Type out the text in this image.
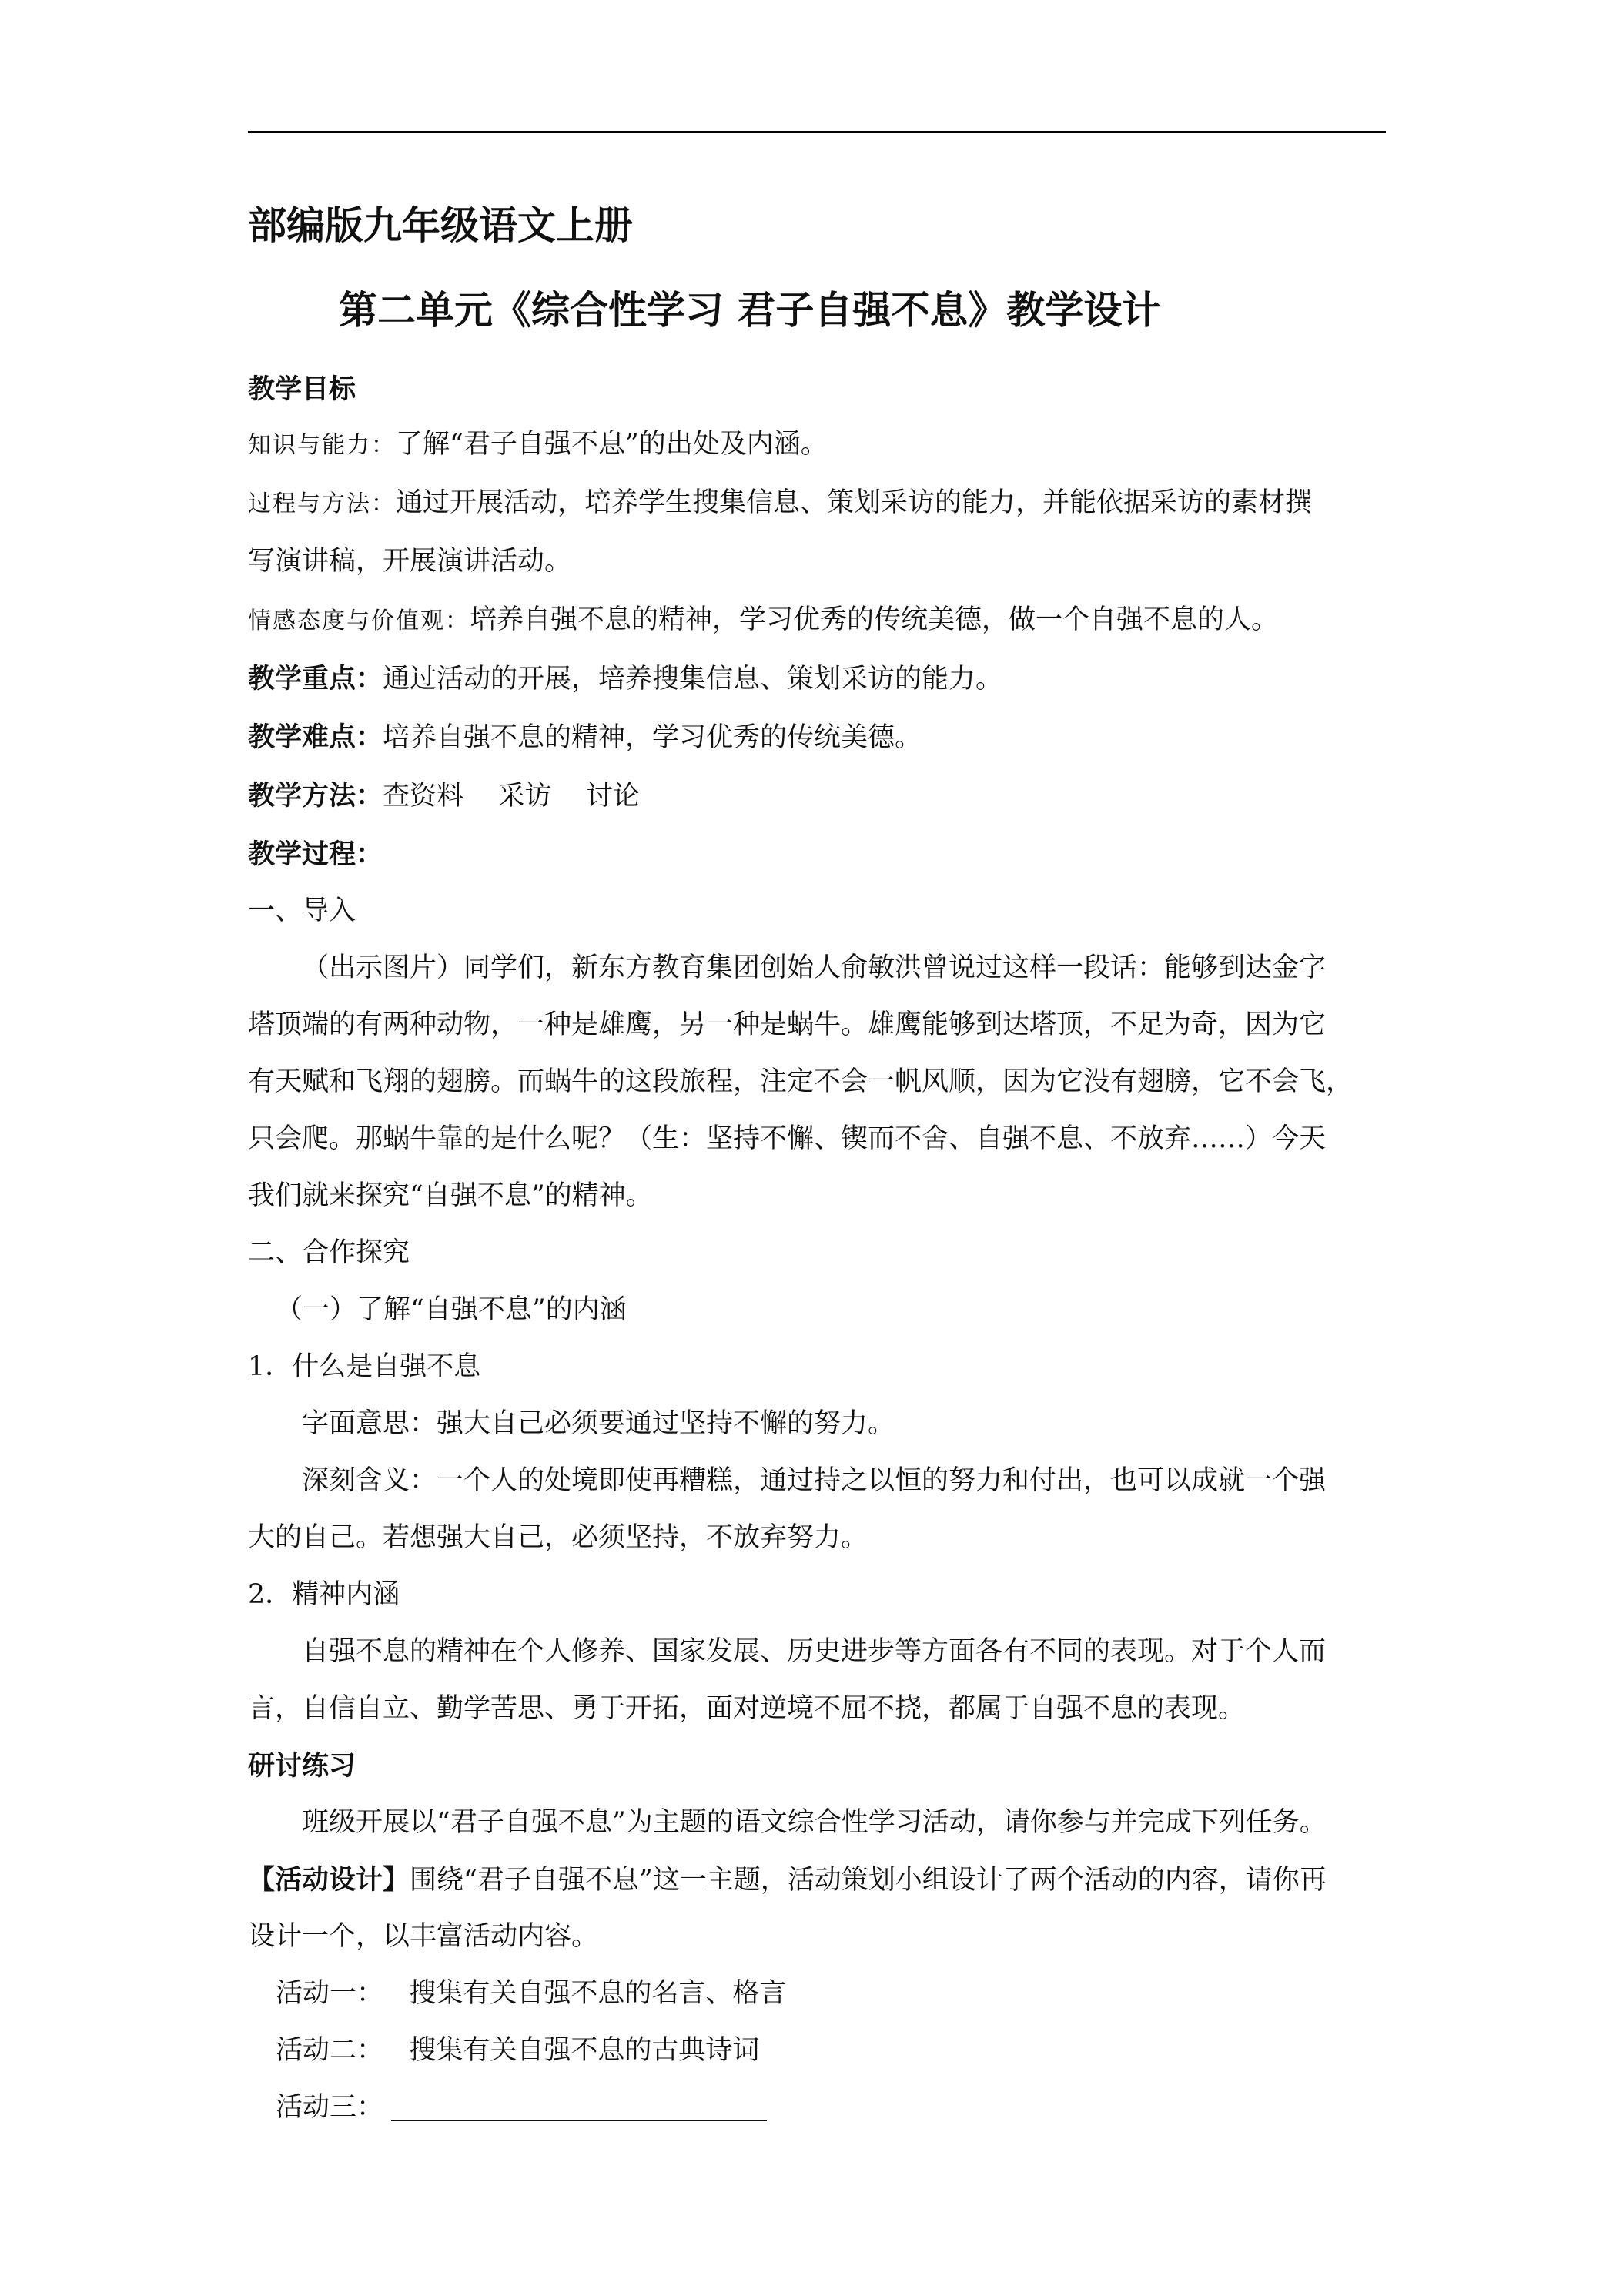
部编版九年级语文上册
第二单元《综合性学习 君子自强不息》教学设计
教学目标
知识与能力：了解“君子自强不息”的出处及内涵。
过程与方法：通过开展活动，培养学生搜集信息、策划采访的能力，并能依据采访的素材撰
写演讲稿，开展演讲活动。
情感态度与价值观：培养自强不息的精神，学习优秀的传统美德，做一个自强不息的人。
教学重点：通过活动的开展，培养搜集信息、策划采访的能力。
教学难点：培养自强不息的精神，学习优秀的传统美德。
教学方法：查资料    采访    讨论
教学过程：
一、导入
（出示图片）同学们，新东方教育集团创始人俞敏洪曾说过这样一段话：能够到达金字
塔顶端的有两种动物，一种是雄鹰，另一种是蜗牛。雄鹰能够到达塔顶，不足为奇，因为它
有天赋和飞翔的翅膀。而蜗牛的这段旅程，注定不会一帆风顺，因为它没有翅膀，它不会飞，
只会爬。那蜗牛靠的是什么呢？（生：坚持不懈、锲而不舍、自强不息、不放弃……）今天
我们就来探究“自强不息”的精神。
二、合作探究
（一）了解“自强不息”的内涵
1．什么是自强不息
字面意思：强大自己必须要通过坚持不懈的努力。
深刻含义：一个人的处境即使再糟糕，通过持之以恒的努力和付出，也可以成就一个强
大的自己。若想强大自己，必须坚持，不放弃努力。
2．精神内涵
自强不息的精神在个人修养、国家发展、历史进步等方面各有不同的表现。对于个人而
言，自信自立、勤学苦思、勇于开拓，面对逆境不屈不挠，都属于自强不息的表现。
研讨练习
班级开展以“君子自强不息”为主题的语文综合性学习活动，请你参与并完成下列任务。
【活动设计】围绕“君子自强不息”这一主题，活动策划小组设计了两个活动的内容，请你再
设计一个，以丰富活动内容。
活动一： 搜集有关自强不息的名言、格言
活动二： 搜集有关自强不息的古典诗词
活动三：
